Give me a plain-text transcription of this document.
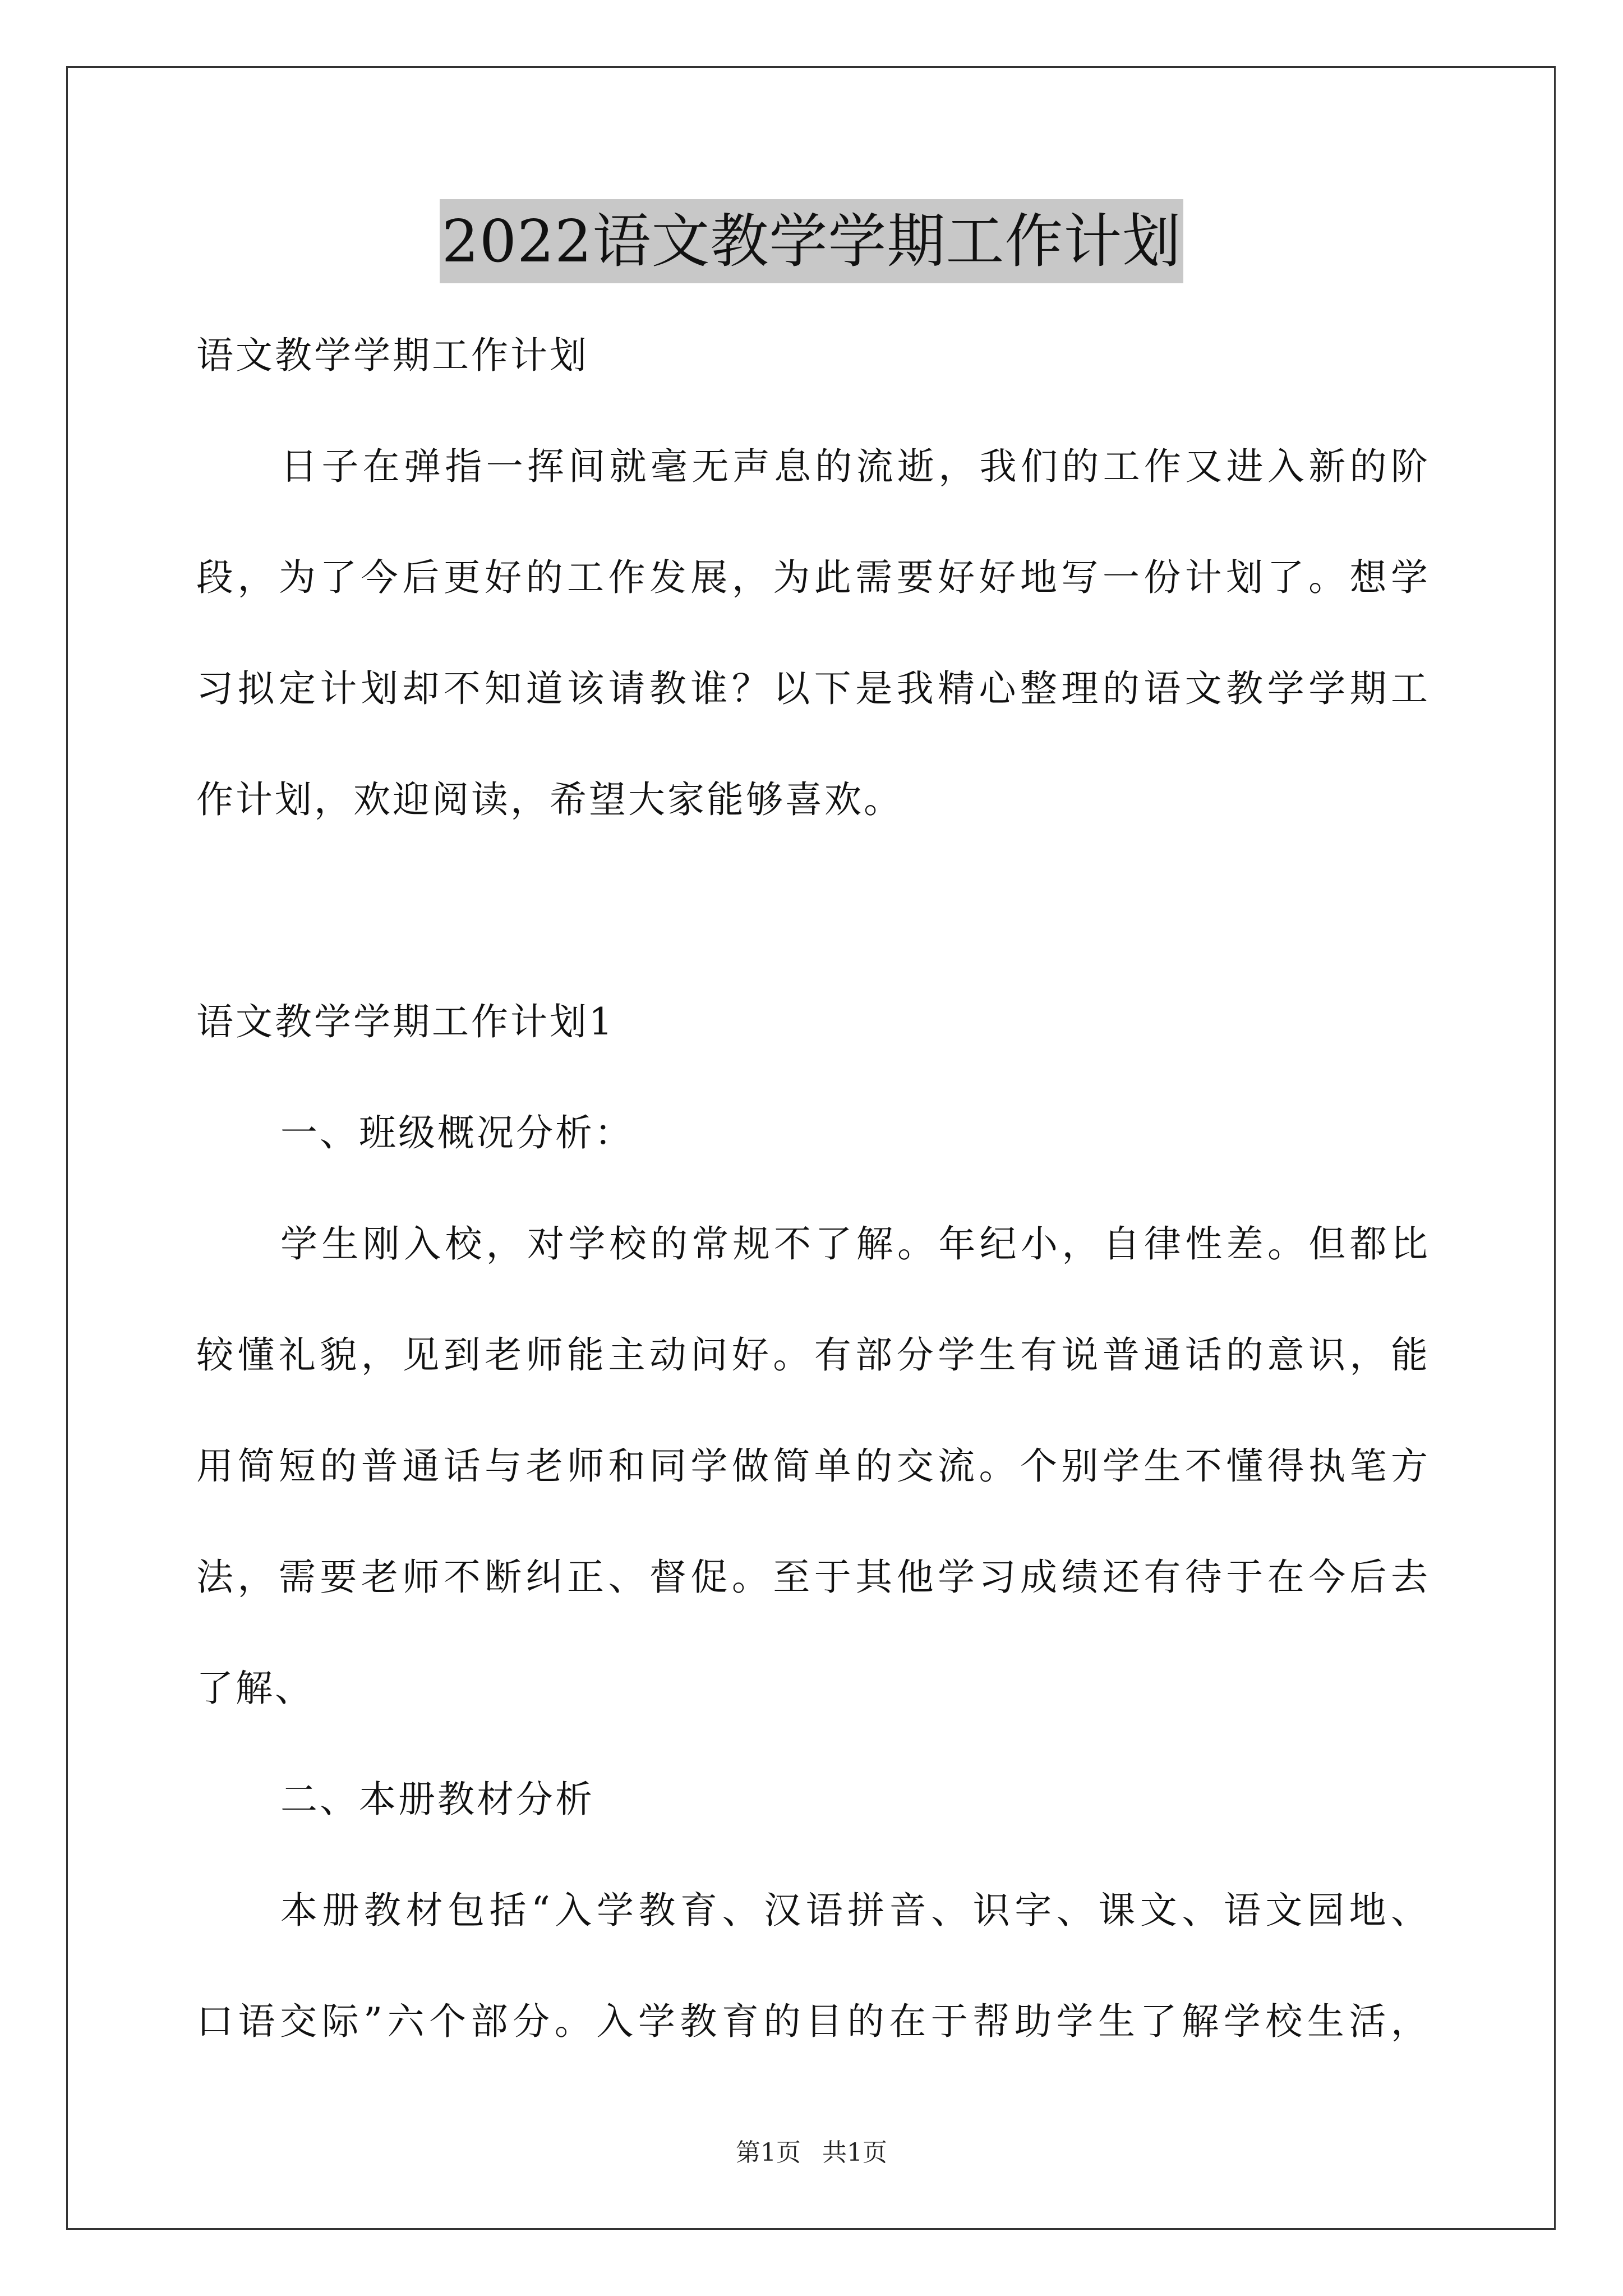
2022语文教学学期工作计划
语文教学学期工作计划
日子在弹指一挥间就毫无声息的流逝，我们的工作又进入新的阶
段，为了今后更好的工作发展，为此需要好好地写一份计划了。想学
习拟定计划却不知道该请教谁？以下是我精心整理的语文教学学期工
作计划，欢迎阅读，希望大家能够喜欢。
语文教学学期工作计划1
一、班级概况分析：
学生刚入校，对学校的常规不了解。年纪小，自律性差。但都比
较懂礼貌，见到老师能主动问好。有部分学生有说普通话的意识，能
用简短的普通话与老师和同学做简单的交流。个别学生不懂得执笔方
法，需要老师不断纠正、督促。至于其他学习成绩还有待于在今后去
了解、
二、本册教材分析
本册教材包括“入学教育、汉语拼音、识字、课文、语文园地、
口语交际”六个部分。入学教育的目的在于帮助学生了解学校生活，
第1页 共1页
